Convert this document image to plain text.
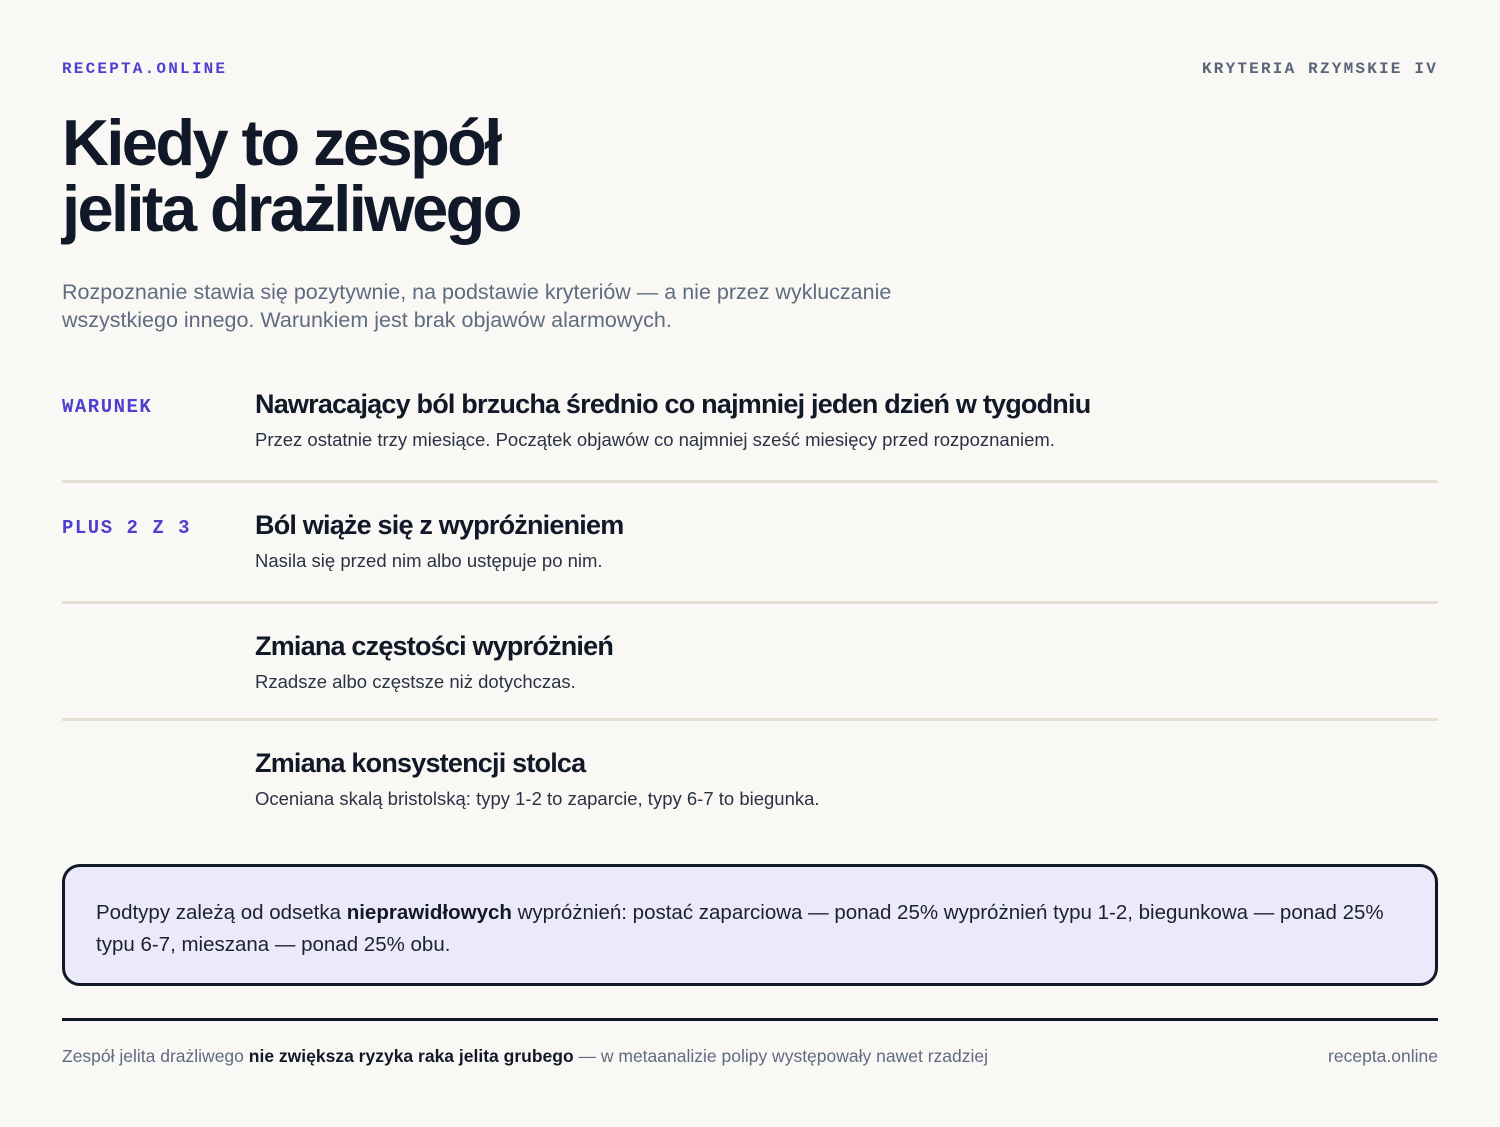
RECEPTA.ONLINE	KRYTERIA RZYMSKIE IV
Kiedy to zespół
jelita drażliwego

Rozpoznanie stawia się pozytywnie, na podstawie kryteriów — a nie przez wykluczanie wszystkiego innego. Warunkiem jest brak objawów alarmowych.

WARUNEK	Nawracający ból brzucha średnio co najmniej jeden dzień w tygodniu
Przez ostatnie trzy miesiące. Początek objawów co najmniej sześć miesięcy przed rozpoznaniem.
PLUS 2 Z 3	Ból wiąże się z wypróżnieniem
Nasila się przed nim albo ustępuje po nim.
Zmiana częstości wypróżnień
Rzadsze albo częstsze niż dotychczas.
Zmiana konsystencji stolca
Oceniana skalą bristolską: typy 1-2 to zaparcie, typy 6-7 to biegunka.
Podtypy zależą od odsetka nieprawidłowych wypróżnień: postać zaparciowa — ponad 25% wypróżnień typu 1-2, biegunkowa — ponad 25% typu 6-7, mieszana — ponad 25% obu.
Zespół jelita drażliwego nie zwiększa ryzyka raka jelita grubego — w metaanalizie polipy występowały nawet rzadziej	recepta.online
